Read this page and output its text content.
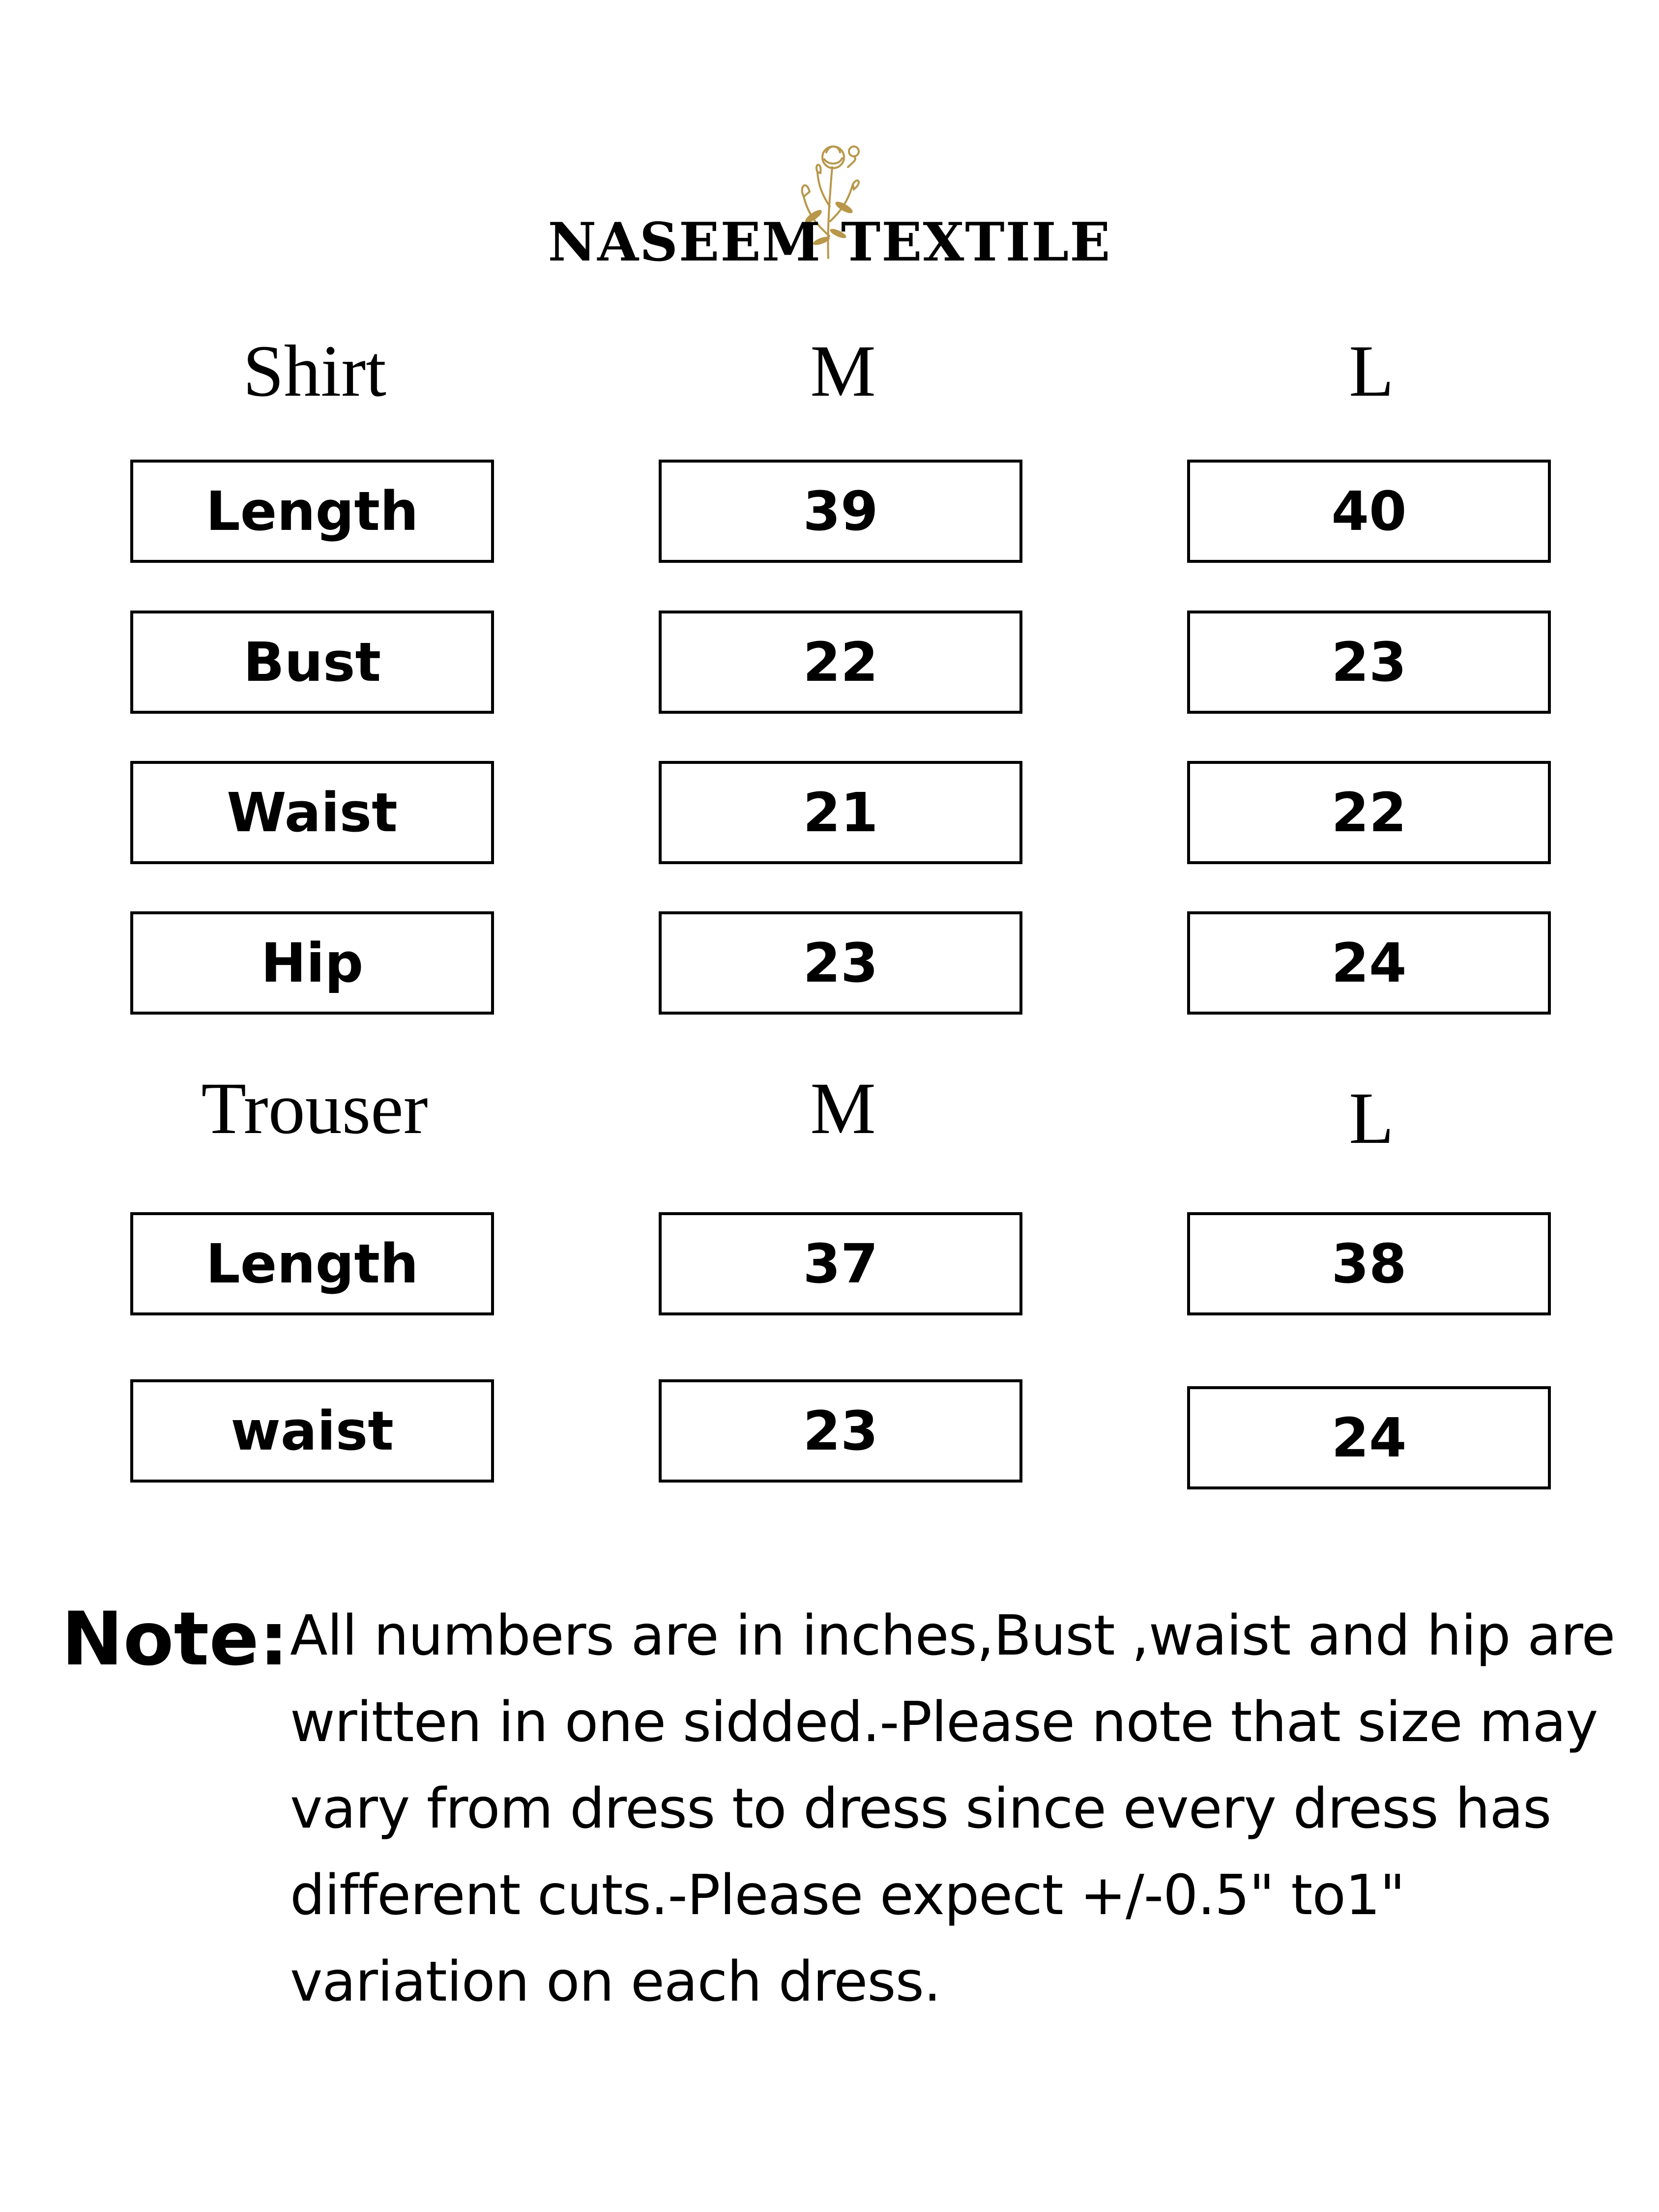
NASEEM TEXTILE
Shirt	M	L
Length	39	40
Bust	22	23
Waist	21	22
Hip	23	24
Trouser	M	L
Length	37	38
waist	23	24
Note: All numbers are in inches,Bust ,waist and hip are written in one sidded.-Please note that size may vary from dress to dress since every dress has different cuts.-Please expect +/-0.5" to1" variation on each dress.
